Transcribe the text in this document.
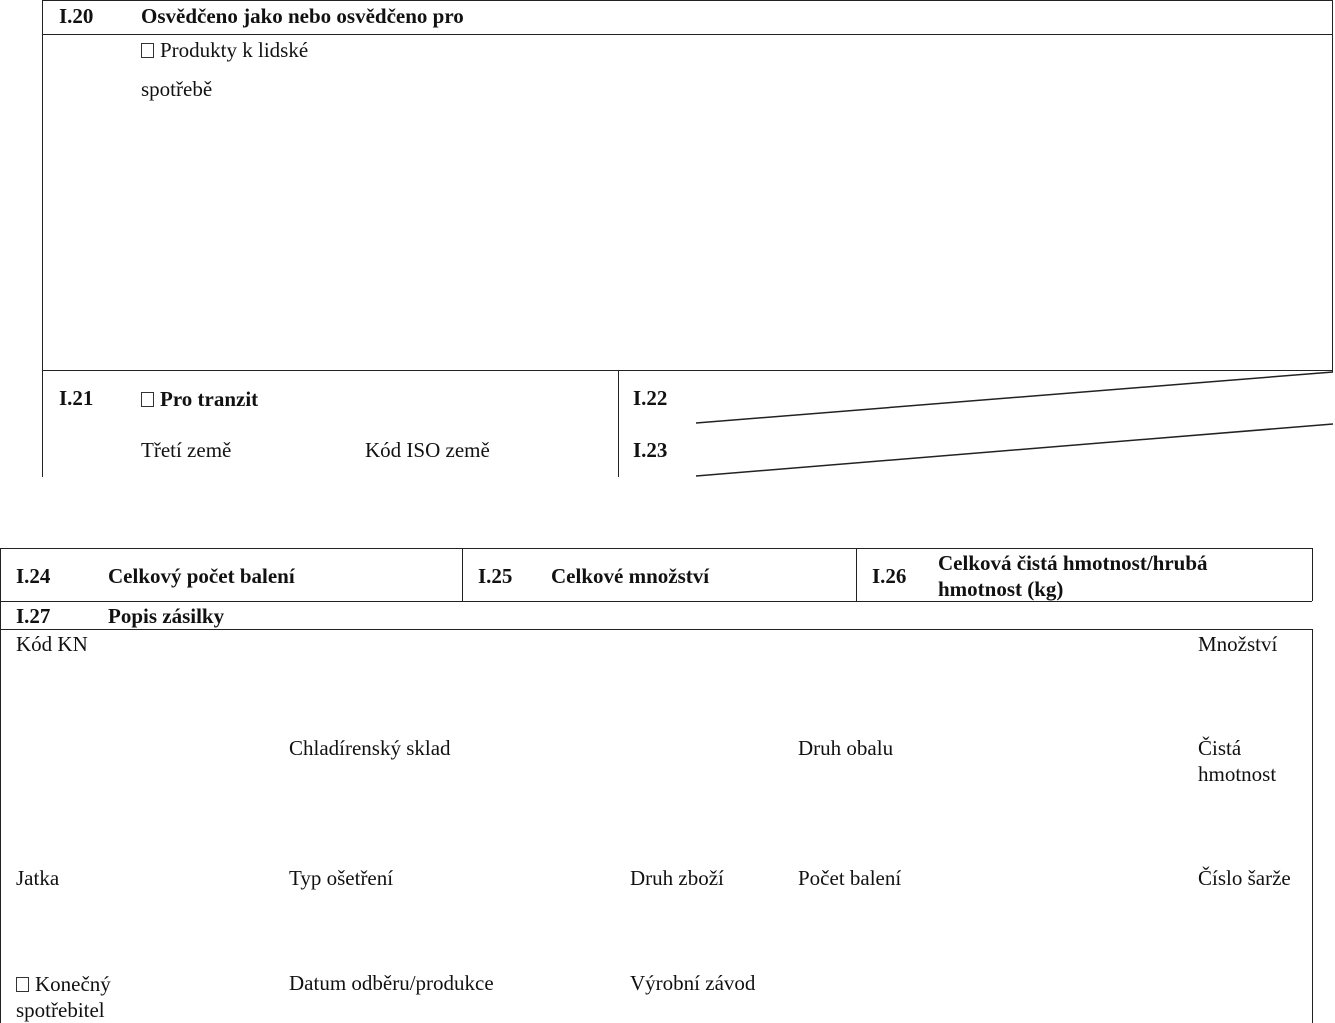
I.20 Osvědčeno jako nebo osvědčeno pro
Produkty k lidské
spotřebě
I.21	Pro tranzit
Třetí země	Kód ISO země
I.22
I.23
I.24	Celkový počet balení	I.25 Celkové množství	I.26
Celková čistá hmotnost/hrubá
hmotnost (kg)
I.27	Popis zásilky
Kód KN	Množství
Chladírenský sklad	Druh obalu	Čistá
hmotnost
Jatka	Typ ošetření	Druh zboží	Počet balení	Číslo šarže
Konečný
spotřebitel
Datum odběru/produkce	Výrobní závod
